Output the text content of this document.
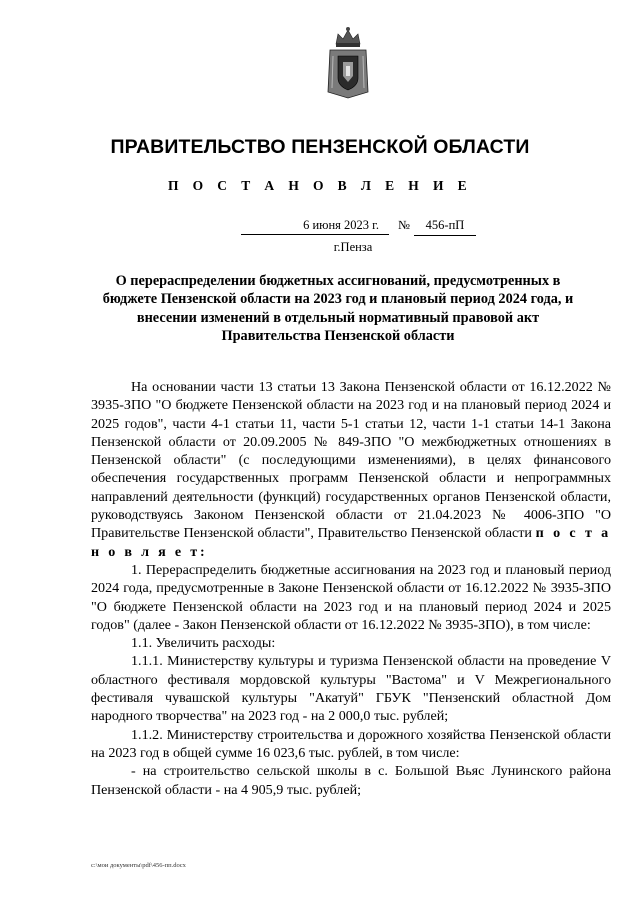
ПРАВИТЕЛЬСТВО ПЕНЗЕНСКОЙ ОБЛАСТИ
П О С Т А Н О В Л Е Н И Е
6 июня 2023 г.	№	456-пП
г.Пенза
О перераспределении бюджетных ассигнований, предусмотренных в бюджете Пензенской области на 2023 год и плановый период 2024 года, и внесении изменений в отдельный нормативный правовой акт Правительства Пензенской области

На основании части 13 статьи 13 Закона Пензенской области от 16.12.2022 № 3935-ЗПО "О бюджете Пензенской области на 2023 год и на плановый период 2024 и 2025 годов", части 4-1 статьи 11, части 5-1 статьи 12, части 1-1 статьи 14-1 Закона Пензенской области от 20.09.2005 № 849-ЗПО "О межбюджетных отношениях в Пензенской области" (с последующими изменениями), в целях финансового обеспечения государственных программ Пензенской области и непрограммных направлений деятельности (функций) государственных органов Пензенской области, руководствуясь Законом Пензенской области от 21.04.2023 № 4006-ЗПО "О Правительстве Пензенской области", Правительство Пензенской области п о с т а н о в л я е т:

1. Перераспределить бюджетные ассигнования на 2023 год и плановый период 2024 года, предусмотренные в Законе Пензенской области от 16.12.2022 № 3935-ЗПО "О бюджете Пензенской области на 2023 год и на плановый период 2024 и 2025 годов" (далее - Закон Пензенской области от 16.12.2022 № 3935-ЗПО), в том числе:

1.1. Увеличить расходы:

1.1.1. Министерству культуры и туризма Пензенской области на проведение V областного фестиваля мордовской культуры "Вастома" и V Межрегионального фестиваля чувашской культуры "Акатуй" ГБУК "Пензенский областной Дом народного творчества" на 2023 год - на 2 000,0 тыс. рублей;

1.1.2. Министерству строительства и дорожного хозяйства Пензенской области на 2023 год в общей сумме 16 023,6 тыс. рублей, в том числе:

- на строительство сельской школы в с. Большой Вьяс Лунинского района Пензенской области - на 4 905,9 тыс. рублей;

c:\мои документы\pdf\456-пп.docx
